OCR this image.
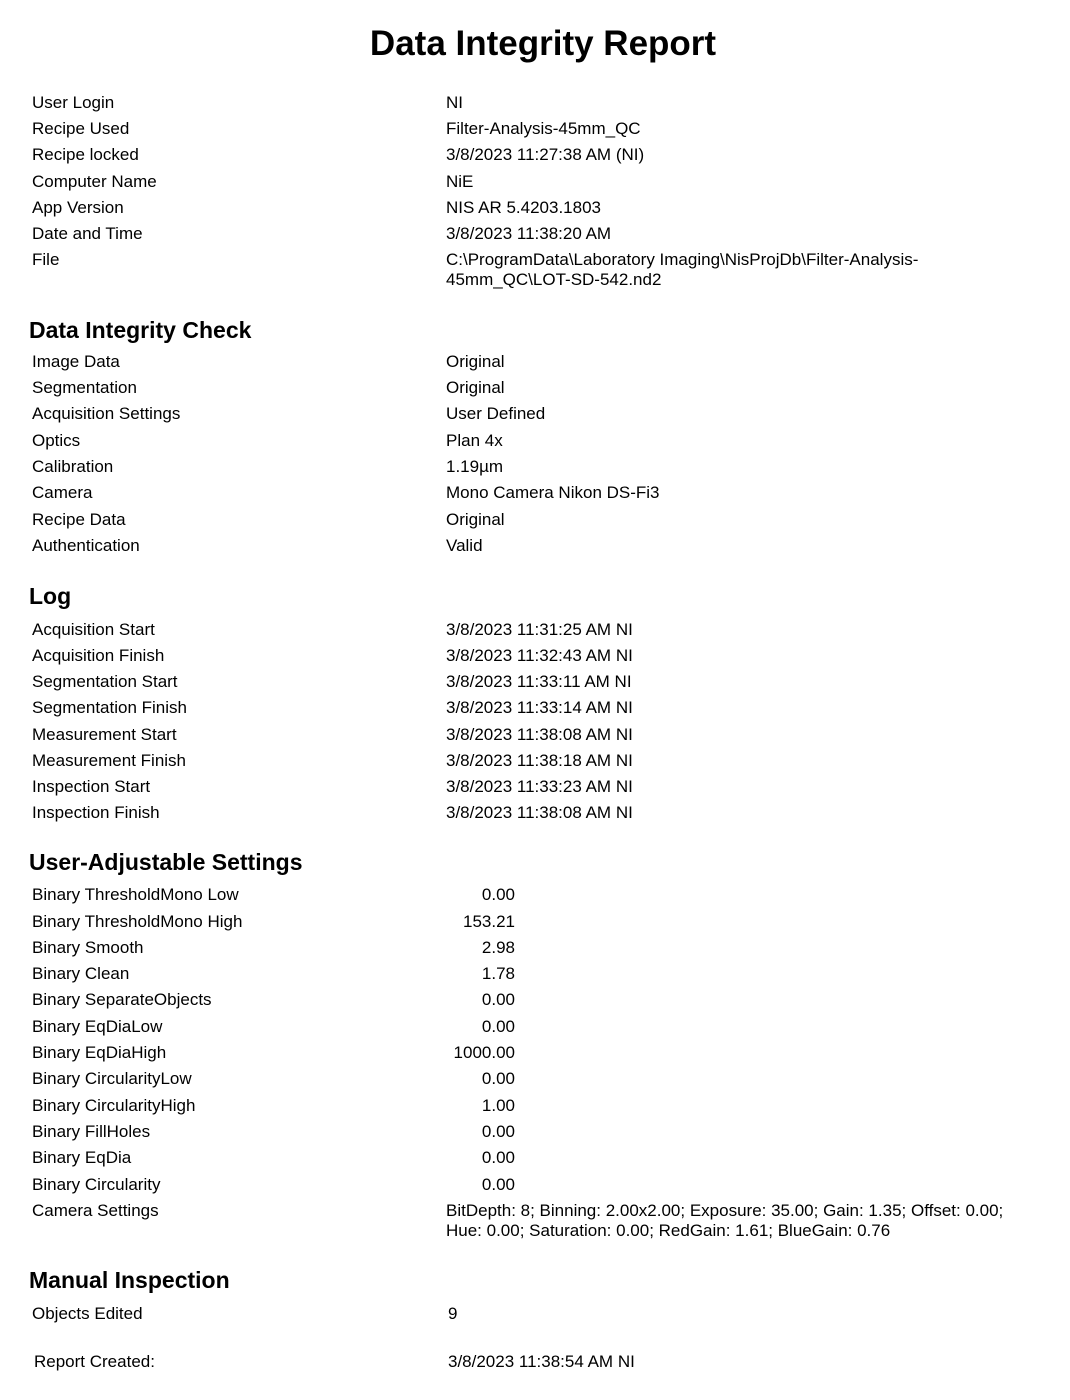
Data Integrity Report
User Login	NI
Recipe Used	Filter-Analysis-45mm_QC
Recipe locked	3/8/2023 11:27:38 AM (NI)
Computer Name	NiE
App Version	NIS AR 5.4203.1803
Date and Time	3/8/2023 11:38:20 AM
File	C:\ProgramData\Laboratory Imaging\NisProjDb\Filter-Analysis-
45mm_QC\LOT-SD-542.nd2
Data Integrity Check
Image Data	Original
Segmentation	Original
Acquisition Settings	User Defined
Optics	Plan 4x
Calibration	1.19µm
Camera	Mono Camera Nikon DS-Fi3
Recipe Data	Original
Authentication	Valid
Log
Acquisition Start	3/8/2023 11:31:25 AM NI
Acquisition Finish	3/8/2023 11:32:43 AM NI
Segmentation Start	3/8/2023 11:33:11 AM NI
Segmentation Finish	3/8/2023 11:33:14 AM NI
Measurement Start	3/8/2023 11:38:08 AM NI
Measurement Finish	3/8/2023 11:38:18 AM NI
Inspection Start	3/8/2023 11:33:23 AM NI
Inspection Finish	3/8/2023 11:38:08 AM NI
User-Adjustable Settings
Binary ThresholdMono Low	0.00
Binary ThresholdMono High	153.21
Binary Smooth	2.98
Binary Clean	1.78
Binary SeparateObjects	0.00
Binary EqDiaLow	0.00
Binary EqDiaHigh	1000.00
Binary CircularityLow	0.00
Binary CircularityHigh	1.00
Binary FillHoles	0.00
Binary EqDia	0.00
Binary Circularity	0.00
Camera Settings	BitDepth: 8; Binning: 2.00x2.00; Exposure: 35.00; Gain: 1.35; Offset: 0.00;
Hue: 0.00; Saturation: 0.00; RedGain: 1.61; BlueGain: 0.76
Manual Inspection
Objects Edited	9
Report Created:	3/8/2023 11:38:54 AM NI
